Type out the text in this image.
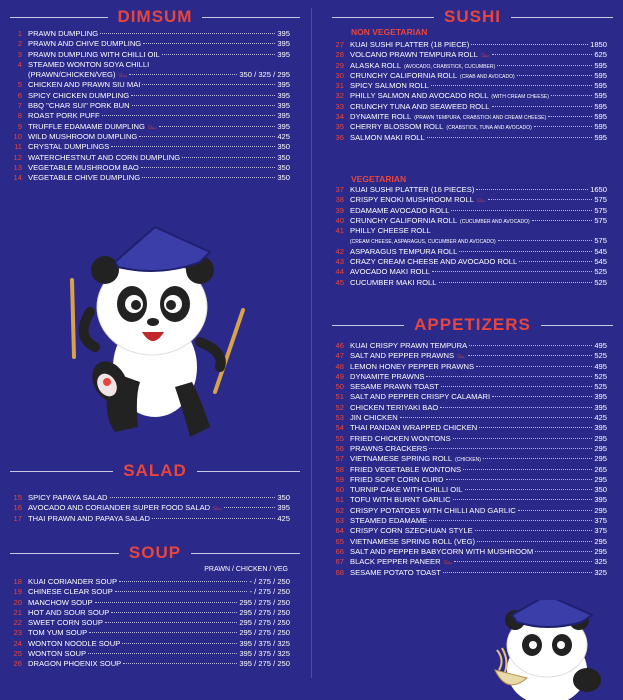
DIMSUM
1 PRAWN DUMPLING	395
2 PRAWN AND CHIVE DUMPLING	395
3 PRAWN DUMPLING WITH CHILLI OIL	395
4 STEAMED WONTON SOYA CHILLI
(PRAWN/CHICKEN/VEG) வெ	350 / 325 / 295
5 CHICKEN AND PRAWN SIU MAI	395
6 SPICY CHICKEN DUMPLING	395
7 BBQ "CHAR SUI" PORK BUN	395
8 ROAST PORK PUFF	395
9 TRUFFLE EDAMAME DUMPLING வெ	395
10 WILD MUSHROOM DUMPLING	425
11 CRYSTAL DUMPLINGS	350
12 WATERCHESTNUT AND CORN DUMPLING	350
13 VEGETABLE MUSHROOM BAO	350
14 VEGETABLE CHIVE DUMPLING	350
SALAD
15 SPICY PAPAYA SALAD	350
16 AVOCADO AND CORIANDER SUPER FOOD SALAD வெ	395
17 THAI PRAWN AND PAPAYA SALAD	425
SOUP
PRAWN / CHICKEN / VEG
18 KUAI CORIANDER SOUP	- / 275 / 250
19 CHINESE CLEAR SOUP	- / 275 / 250
20 MANCHOW SOUP	295 / 275 / 250
21 HOT AND SOUR SOUP	295 / 275 / 250
22 SWEET CORN SOUP	295 / 275 / 250
23 TOM YUM SOUP	295 / 275 / 250
24 WONTON NOODLE SOUP	395 / 375 / 325
25 WONTON SOUP	395 / 375 / 325
26 DRAGON PHOENIX SOUP	395 / 275 / 250
SUSHI
NON VEGETARIAN
27 KUAI SUSHI PLATTER (18 PIECE)	1850
28 VOLCANO PRAWN TEMPURA ROLL வெ	625
29 ALASKA ROLL (AVOCADO, CRABSTICK, CUCUMBER)	595
30 CRUNCHY CALIFORNIA ROLL (CRAB AND AVOCADO)	595
31 SPICY SALMON ROLL	595
32 PHILLY SALMON AND AVOCADO ROLL (WITH CREAM CHEESE)	595
33 CRUNCHY TUNA AND SEAWEED ROLL	595
34 DYNAMITE ROLL (PRAWN TEMPURA, CRABSTICK AND CREAM CHEESE)	595
35 CHERRY BLOSSOM ROLL (CRABSTICK, TUNA AND AVOCADO)	595
36 SALMON MAKI ROLL	595
VEGETARIAN
37 KUAI SUSHI PLATTER (16 PIECES)	1650
38 CRISPY ENOKI MUSHROOM ROLL வெ	575
39 EDAMAME AVOCADO ROLL	575
40 CRUNCHY CALIFORNIA ROLL (CUCUMBER AND AVOCADO)	575
41 PHILLY CHEESE ROLL
(CREAM CHEESE, ASPARAGUS, CUCUMBER AND AVOCADO)	575
42 ASPARAGUS TEMPURA ROLL	545
43 CRAZY CREAM CHEESE AND AVOCADO ROLL	545
44 AVOCADO MAKI ROLL	525
45 CUCUMBER MAKI ROLL	525
APPETIZERS
46 KUAI CRISPY PRAWN TEMPURA	495
47 SALT AND PEPPER PRAWNS வெ	525
48 LEMON HONEY PEPPER PRAWNS	495
49 DYNAMITE PRAWNS	525
50 SESAME PRAWN TOAST	525
51 SALT AND PEPPER CRISPY CALAMARI	395
52 CHICKEN TERIYAKI BAO	395
53 JIN CHICKEN	425
54 THAI PANDAN WRAPPED CHICKEN	395
55 FRIED CHICKEN WONTONS	295
56 PRAWNS CRACKERS	295
57 VIETNAMESE SPRING ROLL (CHICKEN)	295
58 FRIED VEGETABLE WONTONS	265
59 FRIED SOFT CORN CURD	295
60 TURNIP CAKE WITH CHILLI OIL	350
61 TOFU WITH BURNT GARLIC	395
62 CRISPY POTATOES WITH CHILLI AND GARLIC	295
63 STEAMED EDAMAME	375
64 CRISPY CORN SZECHUAN STYLE	375
65 VIETNAMESE SPRING ROLL (VEG)	295
66 SALT AND PEPPER BABYCORN WITH MUSHROOM	295
67 BLACK PEPPER PANEER வெ	325
68 SESAME POTATO TOAST	325
